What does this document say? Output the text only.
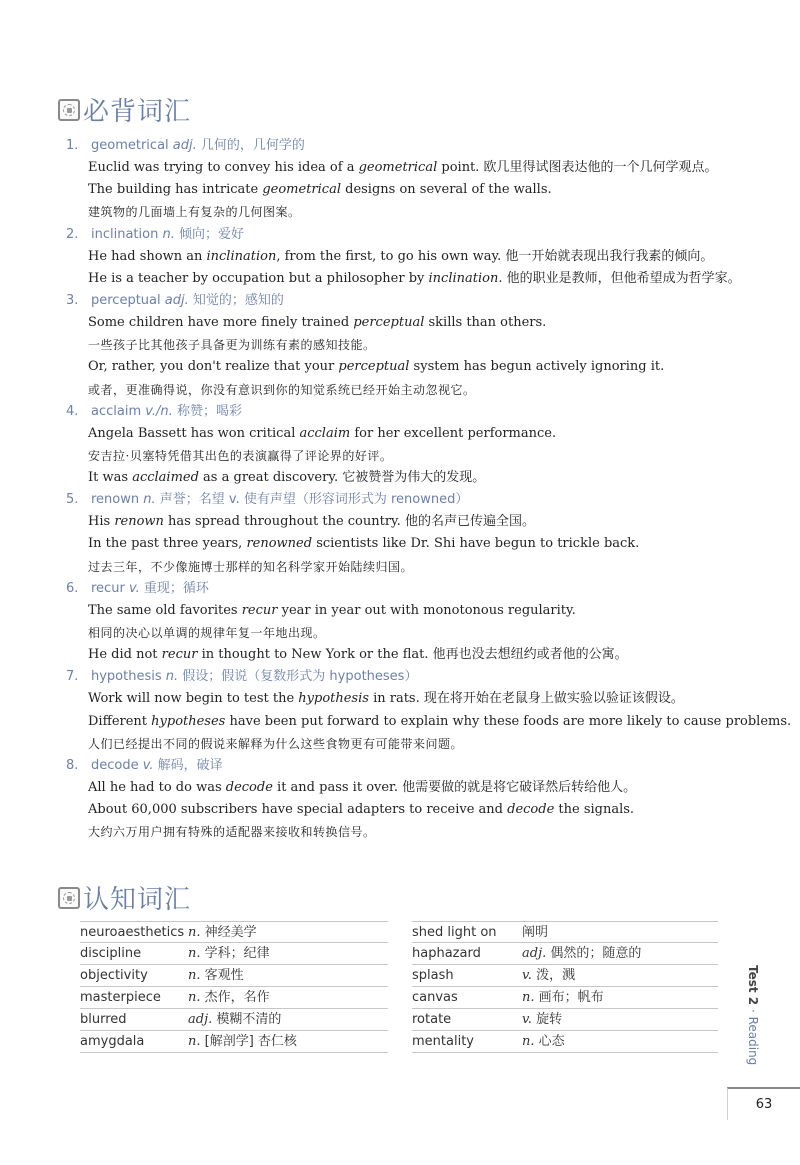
必背词汇
1. geometrical adj. 几何的，几何学的
Euclid was trying to convey his idea of a geometrical point. 欧几里得试图表达他的一个几何学观点。
The building has intricate geometrical designs on several of the walls.
建筑物的几面墙上有复杂的几何图案。
2. inclination n. 倾向；爱好
He had shown an inclination, from the first, to go his own way. 他一开始就表现出我行我素的倾向。
He is a teacher by occupation but a philosopher by inclination. 他的职业是教师，但他希望成为哲学家。
3. perceptual adj. 知觉的；感知的
Some children have more finely trained perceptual skills than others.
一些孩子比其他孩子具备更为训练有素的感知技能。
Or, rather, you don't realize that your perceptual system has begun actively ignoring it.
或者，更准确得说，你没有意识到你的知觉系统已经开始主动忽视它。
4. acclaim v./n. 称赞；喝彩
Angela Bassett has won critical acclaim for her excellent performance.
安吉拉·贝塞特凭借其出色的表演赢得了评论界的好评。
It was acclaimed as a great discovery. 它被赞誉为伟大的发现。
5. renown n. 声誉；名望 v. 使有声望（形容词形式为 renowned）
His renown has spread throughout the country. 他的名声已传遍全国。
In the past three years, renowned scientists like Dr. Shi have begun to trickle back.
过去三年，不少像施博士那样的知名科学家开始陆续归国。
6. recur v. 重现；循环
The same old favorites recur year in year out with monotonous regularity.
相同的决心以单调的规律年复一年地出现。
He did not recur in thought to New York or the flat. 他再也没去想纽约或者他的公寓。
7. hypothesis n. 假设；假说（复数形式为 hypotheses）
Work will now begin to test the hypothesis in rats. 现在将开始在老鼠身上做实验以验证该假设。
Different hypotheses have been put forward to explain why these foods are more likely to cause problems.
人们已经提出不同的假说来解释为什么这些食物更有可能带来问题。
8. decode v. 解码，破译
All he had to do was decode it and pass it over. 他需要做的就是将它破译然后转给他人。
About 60,000 subscribers have special adapters to receive and decode the signals.
大约六万用户拥有特殊的适配器来接收和转换信号。
认知词汇
neuroaesthetics n. 神经美学
discipline	n. 学科；纪律
objectivity	n. 客观性
masterpiece	n. 杰作，名作
blurred	adj. 模糊不清的
amygdala	n. [解剖学] 杏仁核
shed light on	阐明
haphazard	adj. 偶然的；随意的
splash	v. 泼，溅
canvas	n. 画布；帆布
rotate	v. 旋转
mentality	n. 心态
Test 2 · Reading
63
